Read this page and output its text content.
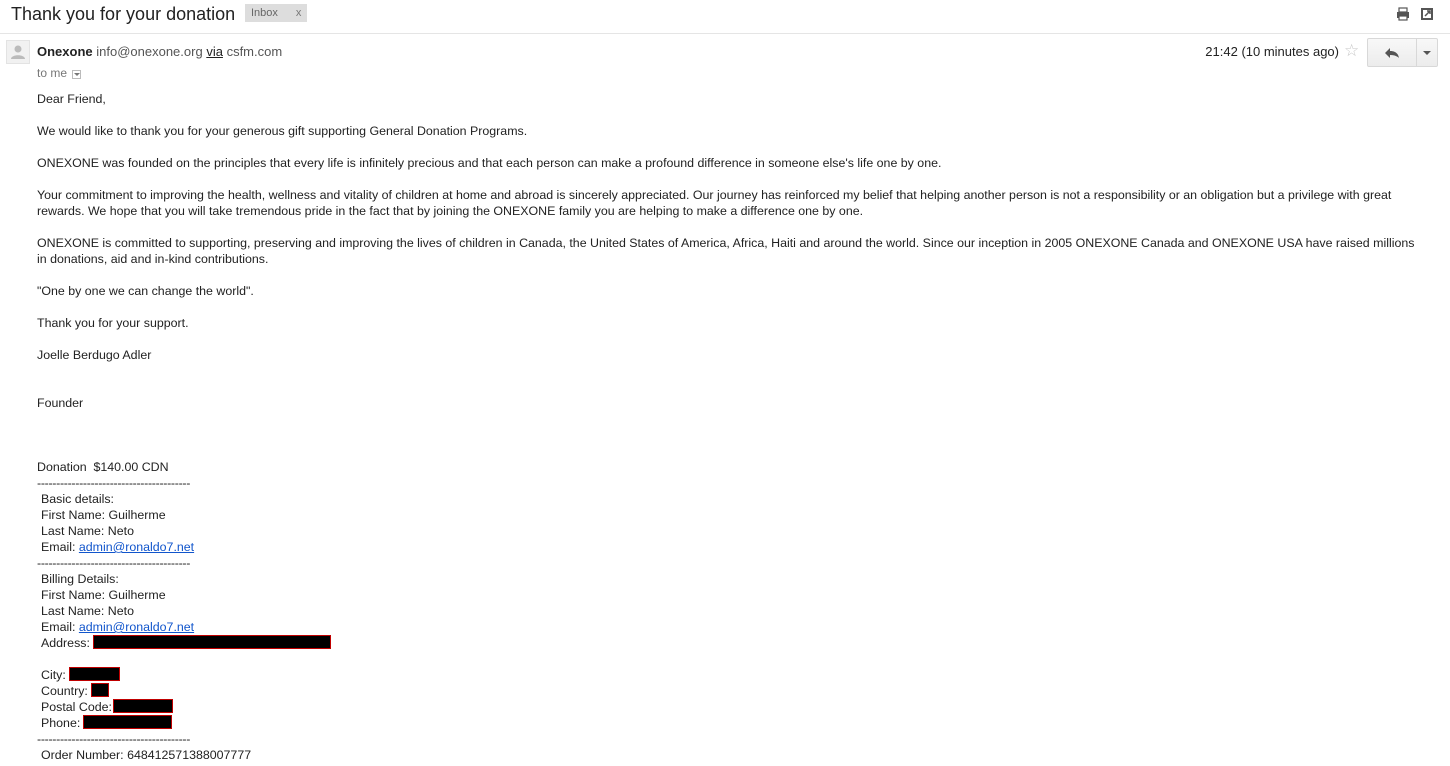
Thank you for your donation Inbox x
Onexone info@onexone.org via csfm.com
to me
21:42 (10 minutes ago) ☆
Dear Friend,
We would like to thank you for your generous gift supporting General Donation Programs.
ONEXONE was founded on the principles that every life is infinitely precious and that each person can make a profound difference in someone else's life one by one.
Your commitment to improving the health, wellness and vitality of children at home and abroad is sincerely appreciated. Our journey has reinforced my belief that helping another person is not a responsibility or an obligation but a privilege with great rewards. We hope that you will take tremendous pride in the fact that by joining the ONEXONE family you are helping to make a difference one by one.
ONEXONE is committed to supporting, preserving and improving the lives of children in Canada, the United States of America, Africa, Haiti and around the world. Since our inception in 2005 ONEXONE Canada and ONEXONE USA have raised millions in donations, aid and in-kind contributions.
"One by one we can change the world".
Thank you for your support.
Joelle Berdugo Adler
Founder
Donation  $140.00 CDN
----------------------------------------
Basic details:
First Name: Guilherme
Last Name: Neto
Email: admin@ronaldo7.net
----------------------------------------
Billing Details:
First Name: Guilherme
Last Name: Neto
Email: admin@ronaldo7.net
Address:
City:
Country:
Postal Code:
Phone:
----------------------------------------
Order Number: 648412571388007777
